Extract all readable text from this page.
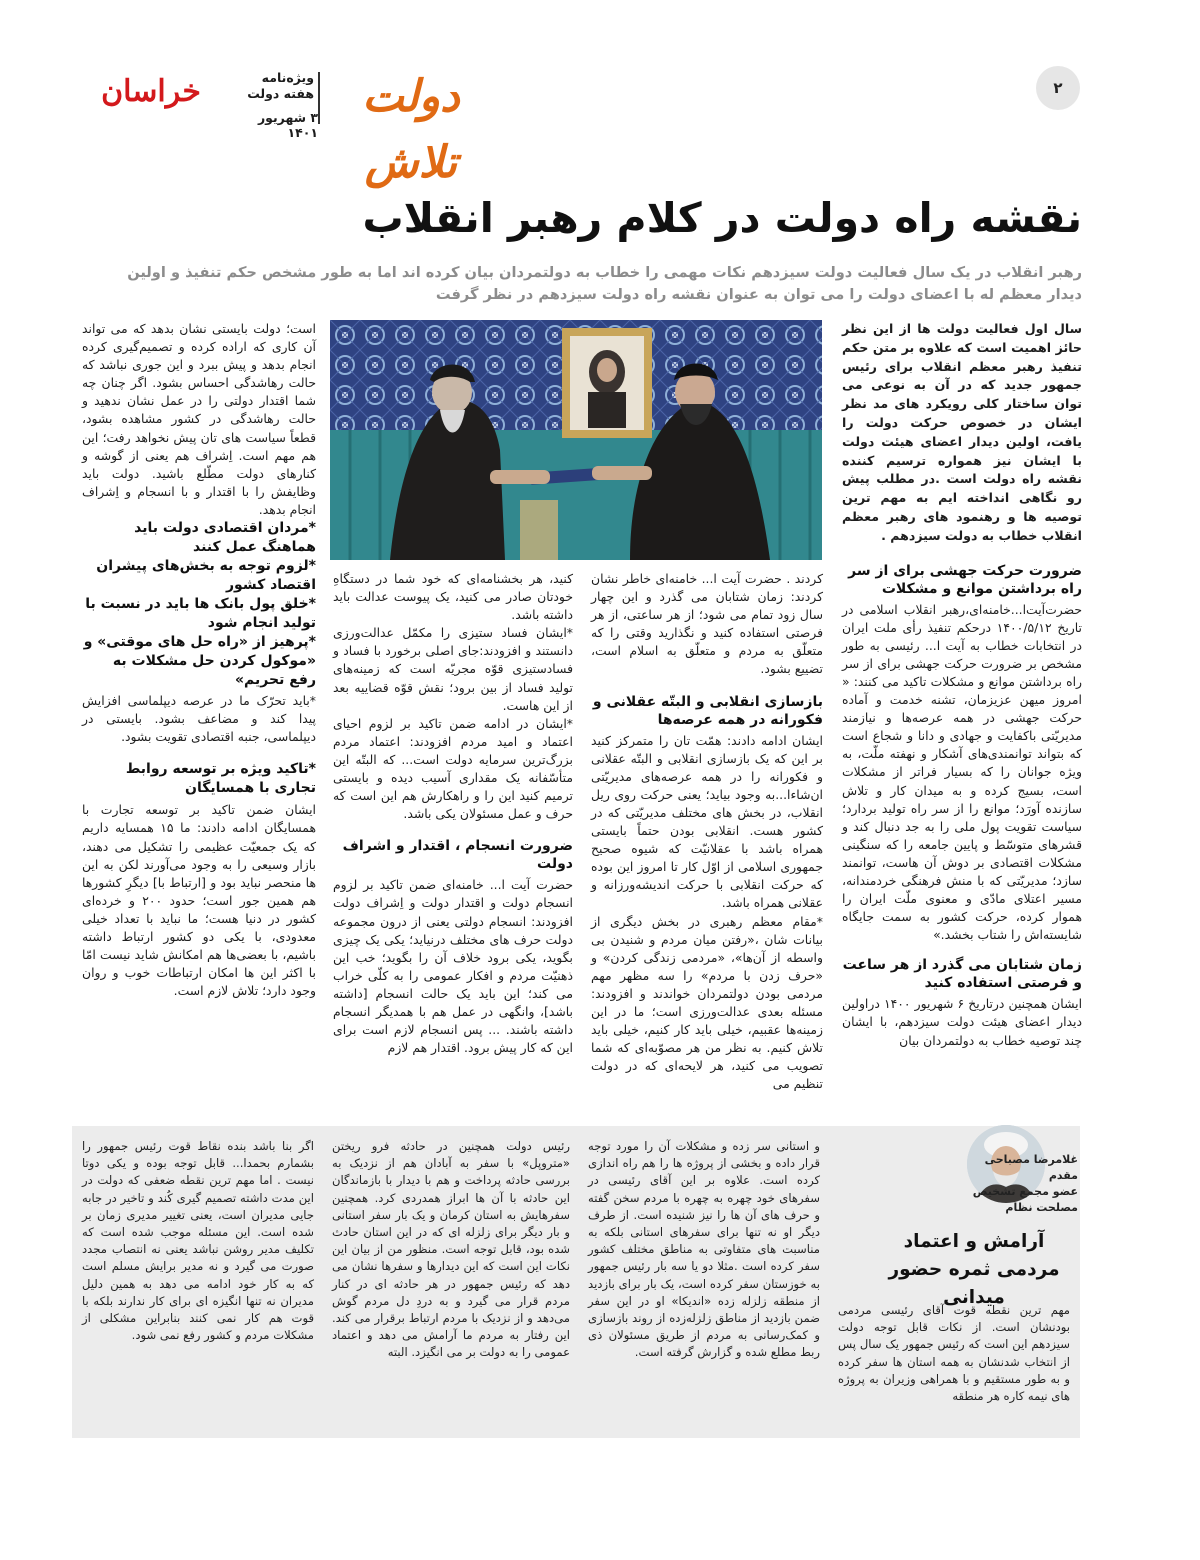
۲
دولت تلاش
ویژه‌نامه
هفته دولت
۳ شهریور ۱۴۰۱
خراسان
نقشه راه دولت در کلام رهبر انقلاب
رهبر انقلاب در یک سال فعالیت دولت سیزدهم نکات مهمی را خطاب به دولتمردان بیان کرده اند اما به طور مشخص حکم تنفیذ و اولین دیدار معظم له با اعضای دولت را می توان به عنوان نقشه راه دولت سیزدهم در نظر گرفت

سال اول فعالیت دولت ها از این نظر حائز اهمیت است که علاوه بر متن حکم تنفیذ رهبر معظم انقلاب برای رئیس جمهور جدید که در آن به نوعی می توان ساختار کلی رویکرد های مد نظر ایشان در خصوص حرکت دولت را یافت، اولین دیدار اعضای هیئت دولت با ایشان نیز همواره ترسیم کننده نقشه راه دولت است .در مطلب پیش رو نگاهی انداخته ایم به مهم ترین توصیه ها و رهنمود های رهبر معظم انقلاب خطاب به دولت سیزدهم .

ضرورت حرکت جهشی برای از سر راه برداشتن موانع و مشکلات

حضرت‌آیت‌ا...خامنه‌ای،رهبر انقلاب اسلامی در تاریخ ۱۴۰۰/۵/۱۲ درحکم تنفیذ رأی ملت ایران در انتخابات خطاب به آیت ا... رئیسی به طور مشخص بر ضرورت حرکت جهشی برای از سر راه برداشتن موانع و مشکلات تاکید می کنند: « امروز میهن عزیزمان، تشنه خدمت و آماده حرکت جهشی در همه عرصه‌ها و نیازمند مدیریّتی باکفایت و جهادی و دانا و شجاع است که بتواند توانمندی‌های آشکار و نهفته ملّت، به ویژه جوانان را که بسیار فراتر از مشکلات است، بسیج کرده و به میدان کار و تلاش سازنده آورَد؛ موانع را از سر راه تولید بردارد؛ سیاست تقویت پول ملی را به جد دنبال کند و قشرهای متوسّط و پایین جامعه را که سنگینی مشکلات اقتصادی بر دوش آن هاست، توانمند سازد؛ مدیریّتی که با منش فرهنگی خردمندانه، مسیر اعتلای مادّی و معنوی ملّت ایران را هموار کرده، حرکت کشور به سمت جایگاه شایسته‌اش را شتاب بخشد.»

زمان شتابان می گذرد از هر ساعت و فرصتی استفاده کنید

ایشان همچنین درتاریخ ۶ شهریور ۱۴۰۰ دراولین دیدار اعضای هیئت دولت سیزدهم، با ایشان چند توصیه خطاب به دولتمردان بیان

کردند . حضرت آیت ا... خامنه‌ای خاطر نشان کردند: زمان شتابان می گذرد و این چهار سال زود تمام می شود؛ از هر ساعتی، از هر فرصتی استفاده کنید و نگذارید وقتی را که متعلّق به مردم و متعلّق به اسلام است، تضییع بشود.

بازسازی انقلابی و البتّه عقلانی و فکورانه در همه عرصه‌ها

ایشان ادامه دادند: همّت تان را متمرکز کنید بر این که یک بازسازی انقلابی و البتّه عقلانی و فکورانه را در همه عرصه‌های مدیریّتی ان‌شاءا...به وجود بیاید؛ یعنی حرکت روی ریل انقلاب، در بخش های مختلف مدیریّتی که در کشور هست. انقلابی بودن حتماً بایستی همراه باشد با عقلانیّت که شیوه صحیح جمهوری اسلامی از اوّل کار تا امروز این بوده که حرکت انقلابی با حرکت اندیشه‌ورزانه و عقلانی همراه باشد.

*مقام معظم رهبری در بخش دیگری از بیانات شان ،«رفتن میان مردم و شنیدن بی واسطه از آن‌ها»، «مردمی زندگی کردن» و «حرف زدن با مردم» را سه مظهر مهم مردمی بودن دولتمردان خواندند و افزودند: مسئله بعدی عدالت‌ورزی است؛ ما در این زمینه‌ها عقبیم، خیلی باید کار کنیم، خیلی باید تلاش کنیم. به نظر من هر مصوّبه‌ای که شما تصویب می کنید، هر لایحه‌ای که در دولت تنظیم می

کنید، هر بخشنامه‌ای که خود شما در دستگاهِ خودتان صادر می کنید، یک پیوست عدالت باید داشته باشد.

*ایشان فساد ستیزی را مکمّل عدالت‌ورزی دانستند و افزودند:جای اصلی برخورد با فساد و فسادستیزی قوّه مجریّه است که زمینه‌های تولید فساد از بین برود؛ نقش قوّه قضاییه بعد از این هاست.

*ایشان در ادامه ضمن تاکید بر لزوم احیای اعتماد و امید مردم افزودند: اعتماد مردم بزرگ‌ترین سرمایه دولت است... که البتّه این متأسّفانه یک مقداری آسیب دیده و بایستی ترمیم کنید این را و راهکارش هم این است که حرف و عمل مسئولان یکی باشد.

ضرورت انسجام ، اقتدار و اشراف دولت

حضرت آیت ا... خامنه‌ای ضمن تاکید بر لزوم انسجام دولت و اقتدار دولت و اِشراف دولت افزودند: انسجام دولتی یعنی از درون مجموعه دولت حرف های مختلف درنیاید؛ یکی یک چیزی بگوید، یکی برود خلاف آن را بگوید؛ خب این ذهنیّت مردم و افکار عمومی را به کلّی خراب می کند؛ این باید یک حالت انسجام [داشته باشد]، وانگهی در عمل هم با همدیگر انسجام داشته باشند. ... پس انسجام لازم است برای این که کار پیش برود. اقتدار هم لازم

است؛ دولت بایستی نشان بدهد که می تواند آن کاری که اراده کرده و تصمیم‌گیری کرده انجام بدهد و پیش ببرد و این جوری نباشد که حالت رهاشدگی احساس بشود. اگر چنان چه شما اقتدار دولتی را در عمل نشان ندهید و حالت رهاشدگی در کشور مشاهده بشود، قطعاً سیاست های تان پیش نخواهد رفت؛ این هم مهم است. اِشراف هم یعنی از گوشه و کنارهای دولت مطّلع باشید. دولت باید وظایفش را با اقتدار و با انسجام و اِشراف انجام بدهد.

*مردان اقتصادی دولت باید هماهنگ عمل کنند

*لزوم توجه به بخش‌های پیشران اقتصاد کشور

*خلق پول بانک ها باید در نسبت با تولید انجام شود

*پرهیز از «راه حل های موقتی» و «موکول کردن حل مشکلات به رفع تحریم»

*باید تحرّک ما در عرصه دیپلماسی افزایش پیدا کند و مضاعف بشود. بایستی در دیپلماسی، جنبه اقتصادی تقویت بشود.

*تاکید ویژه بر توسعه روابط تجاری با همسایگان

ایشان ضمن تاکید بر توسعه تجارت با همسایگان ادامه دادند: ما ۱۵ همسایه داریم که یک جمعیّت عظیمی را تشکیل می دهند، بازار وسیعی را به وجود می‌آورند لکن به این ها منحصر نباید بود و [ارتباط با] دیگرِ کشورها هم همین جور است؛ حدود ۲۰۰ و خرده‌ای کشور در دنیا هست؛ ما نباید با تعداد خیلی معدودی، با یکی دو کشور ارتباط داشته باشیم، با بعضی‌ها هم امکانش شاید نیست امّا با اکثر این ها امکان ارتباطات خوب و روان وجود دارد؛ تلاش لازم است.

غلامرضا مصباحی مقدم
عضو مجمع تشخیص
مصلحت نظام
آرامش و اعتماد مردمی ثمره حضور میدانی
مهم ترین نقطه قوت آقای رئیسی مردمی بودنشان است. از نکات قابل توجه دولت سیزدهم این است که رئیس جمهور یک سال پس از انتخاب شدنشان به همه استان ها سفر کرده و به طور مستقیم و با همراهی وزیران به پروژه های نیمه کاره هر منطقه
و استانی سر زده و مشکلات آن را مورد توجه قرار داده و بخشی از پروژه ها را هم راه اندازی کرده است. علاوه بر این آقای رئیسی در سفرهای خود چهره به چهره با مردم سخن گفته و حرف های آن ها را نیز شنیده است. از طرف دیگر او نه تنها برای سفرهای استانی بلکه به مناسبت های متفاوتی به مناطق مختلف کشور سفر کرده است .مثلا دو یا سه بار رئیس جمهور به خوزستان سفر کرده است، یک بار برای بازدید از منطقه زلزله زده «اندیکا» او در این سفر ضمن بازدید از مناطق زلزله‌زده از روند بازسازی و کمک‌رسانی به مردم از طریق مسئولان ذی ربط مطلع شده و گزارش گرفته است.
رئیس دولت همچنین در حادثه فرو ریختن «متروپل» با سفر به آبادان هم از نزدیک به بررسی حادثه پرداخت و هم با دیدار با بازماندگان این حادثه با آن ها ابراز همدردی کرد. همچنین سفرهایش به استان کرمان و یک بار سفر استانی و بار دیگر برای زلزله ای که در این استان حادث شده بود، قابل توجه است. منظور من از بیان این نکات این است که این دیدارها و سفرها نشان می دهد که رئیس جمهور در هر حادثه ای در کنار مردم قرار می گیرد و به دردِ دل مردم گوش می‌دهد و از نزدیک با مردم ارتباط برقرار می کند. این رفتار به مردم ما آرامش می دهد و اعتماد عمومی را به دولت بر می انگیزد. البته
اگر بنا باشد بنده نقاط قوت رئیس جمهور را بشمارم بحمدا... قابل توجه بوده و یکی دوتا نیست . اما مهم ترین نقطه ضعفی که دولت در این مدت داشته تصمیم گیری کُند و تاخیر در جابه جایی مدیران است، یعنی تغییر مدیری زمان بر شده است. این مسئله موجب شده است که تکلیف مدیر روشن نباشد یعنی نه انتصاب مجدد صورت می گیرد و نه مدیر برایش مسلم است که به کار خود ادامه می دهد به همین دلیل مدیران نه تنها انگیزه ای برای کار ندارند بلکه با قوت هم کار نمی کنند بنابراین مشکلی از مشکلات مردم و کشور رفع نمی شود.
